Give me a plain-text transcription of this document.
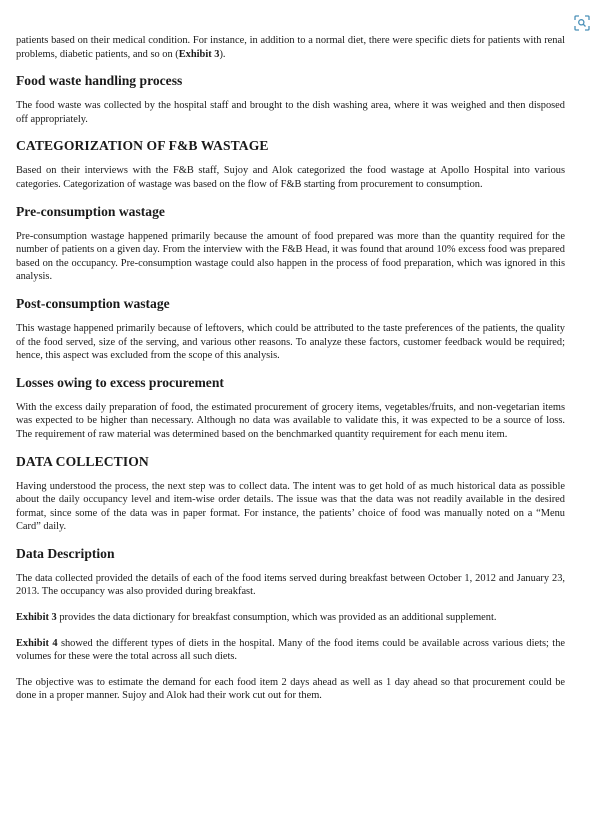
patients based on their medical condition. For instance, in addition to a normal diet, there were specific diets for patients with renal problems, diabetic patients, and so on (Exhibit 3).

Food waste handling process

The food waste was collected by the hospital staff and brought to the dish washing area, where it was weighed and then disposed off appropriately.

CATEGORIZATION OF F&B WASTAGE

Based on their interviews with the F&B staff, Sujoy and Alok categorized the food wastage at Apollo Hospital into various categories. Categorization of wastage was based on the flow of F&B starting from procurement to consumption.

Pre-consumption wastage

Pre-consumption wastage happened primarily because the amount of food prepared was more than the quantity required for the number of patients on a given day. From the interview with the F&B Head, it was found that around 10% excess food was prepared based on the occupancy. Pre-consumption wastage could also happen in the process of food preparation, which was ignored in this analysis.

Post-consumption wastage

This wastage happened primarily because of leftovers, which could be attributed to the taste preferences of the patients, the quality of the food served, size of the serving, and various other reasons. To analyze these factors, customer feedback would be required; hence, this aspect was excluded from the scope of this analysis.

Losses owing to excess procurement

With the excess daily preparation of food, the estimated procurement of grocery items, vegetables/fruits, and non-vegetarian items was expected to be higher than necessary. Although no data was available to validate this, it was expected to be a source of loss. The requirement of raw material was determined based on the benchmarked quantity requirement for each menu item.

DATA COLLECTION

Having understood the process, the next step was to collect data. The intent was to get hold of as much historical data as possible about the daily occupancy level and item-wise order details. The issue was that the data was not readily available in the desired format, since some of the data was in paper format. For instance, the patients’ choice of food was manually noted on a “Menu Card” daily.

Data Description

The data collected provided the details of each of the food items served during breakfast between October 1, 2012 and January 23, 2013. The occupancy was also provided during breakfast.

Exhibit 3 provides the data dictionary for breakfast consumption, which was provided as an additional supplement.

Exhibit 4 showed the different types of diets in the hospital. Many of the food items could be available across various diets; the volumes for these were the total across all such diets.

The objective was to estimate the demand for each food item 2 days ahead as well as 1 day ahead so that procurement could be done in a proper manner. Sujoy and Alok had their work cut out for them.
